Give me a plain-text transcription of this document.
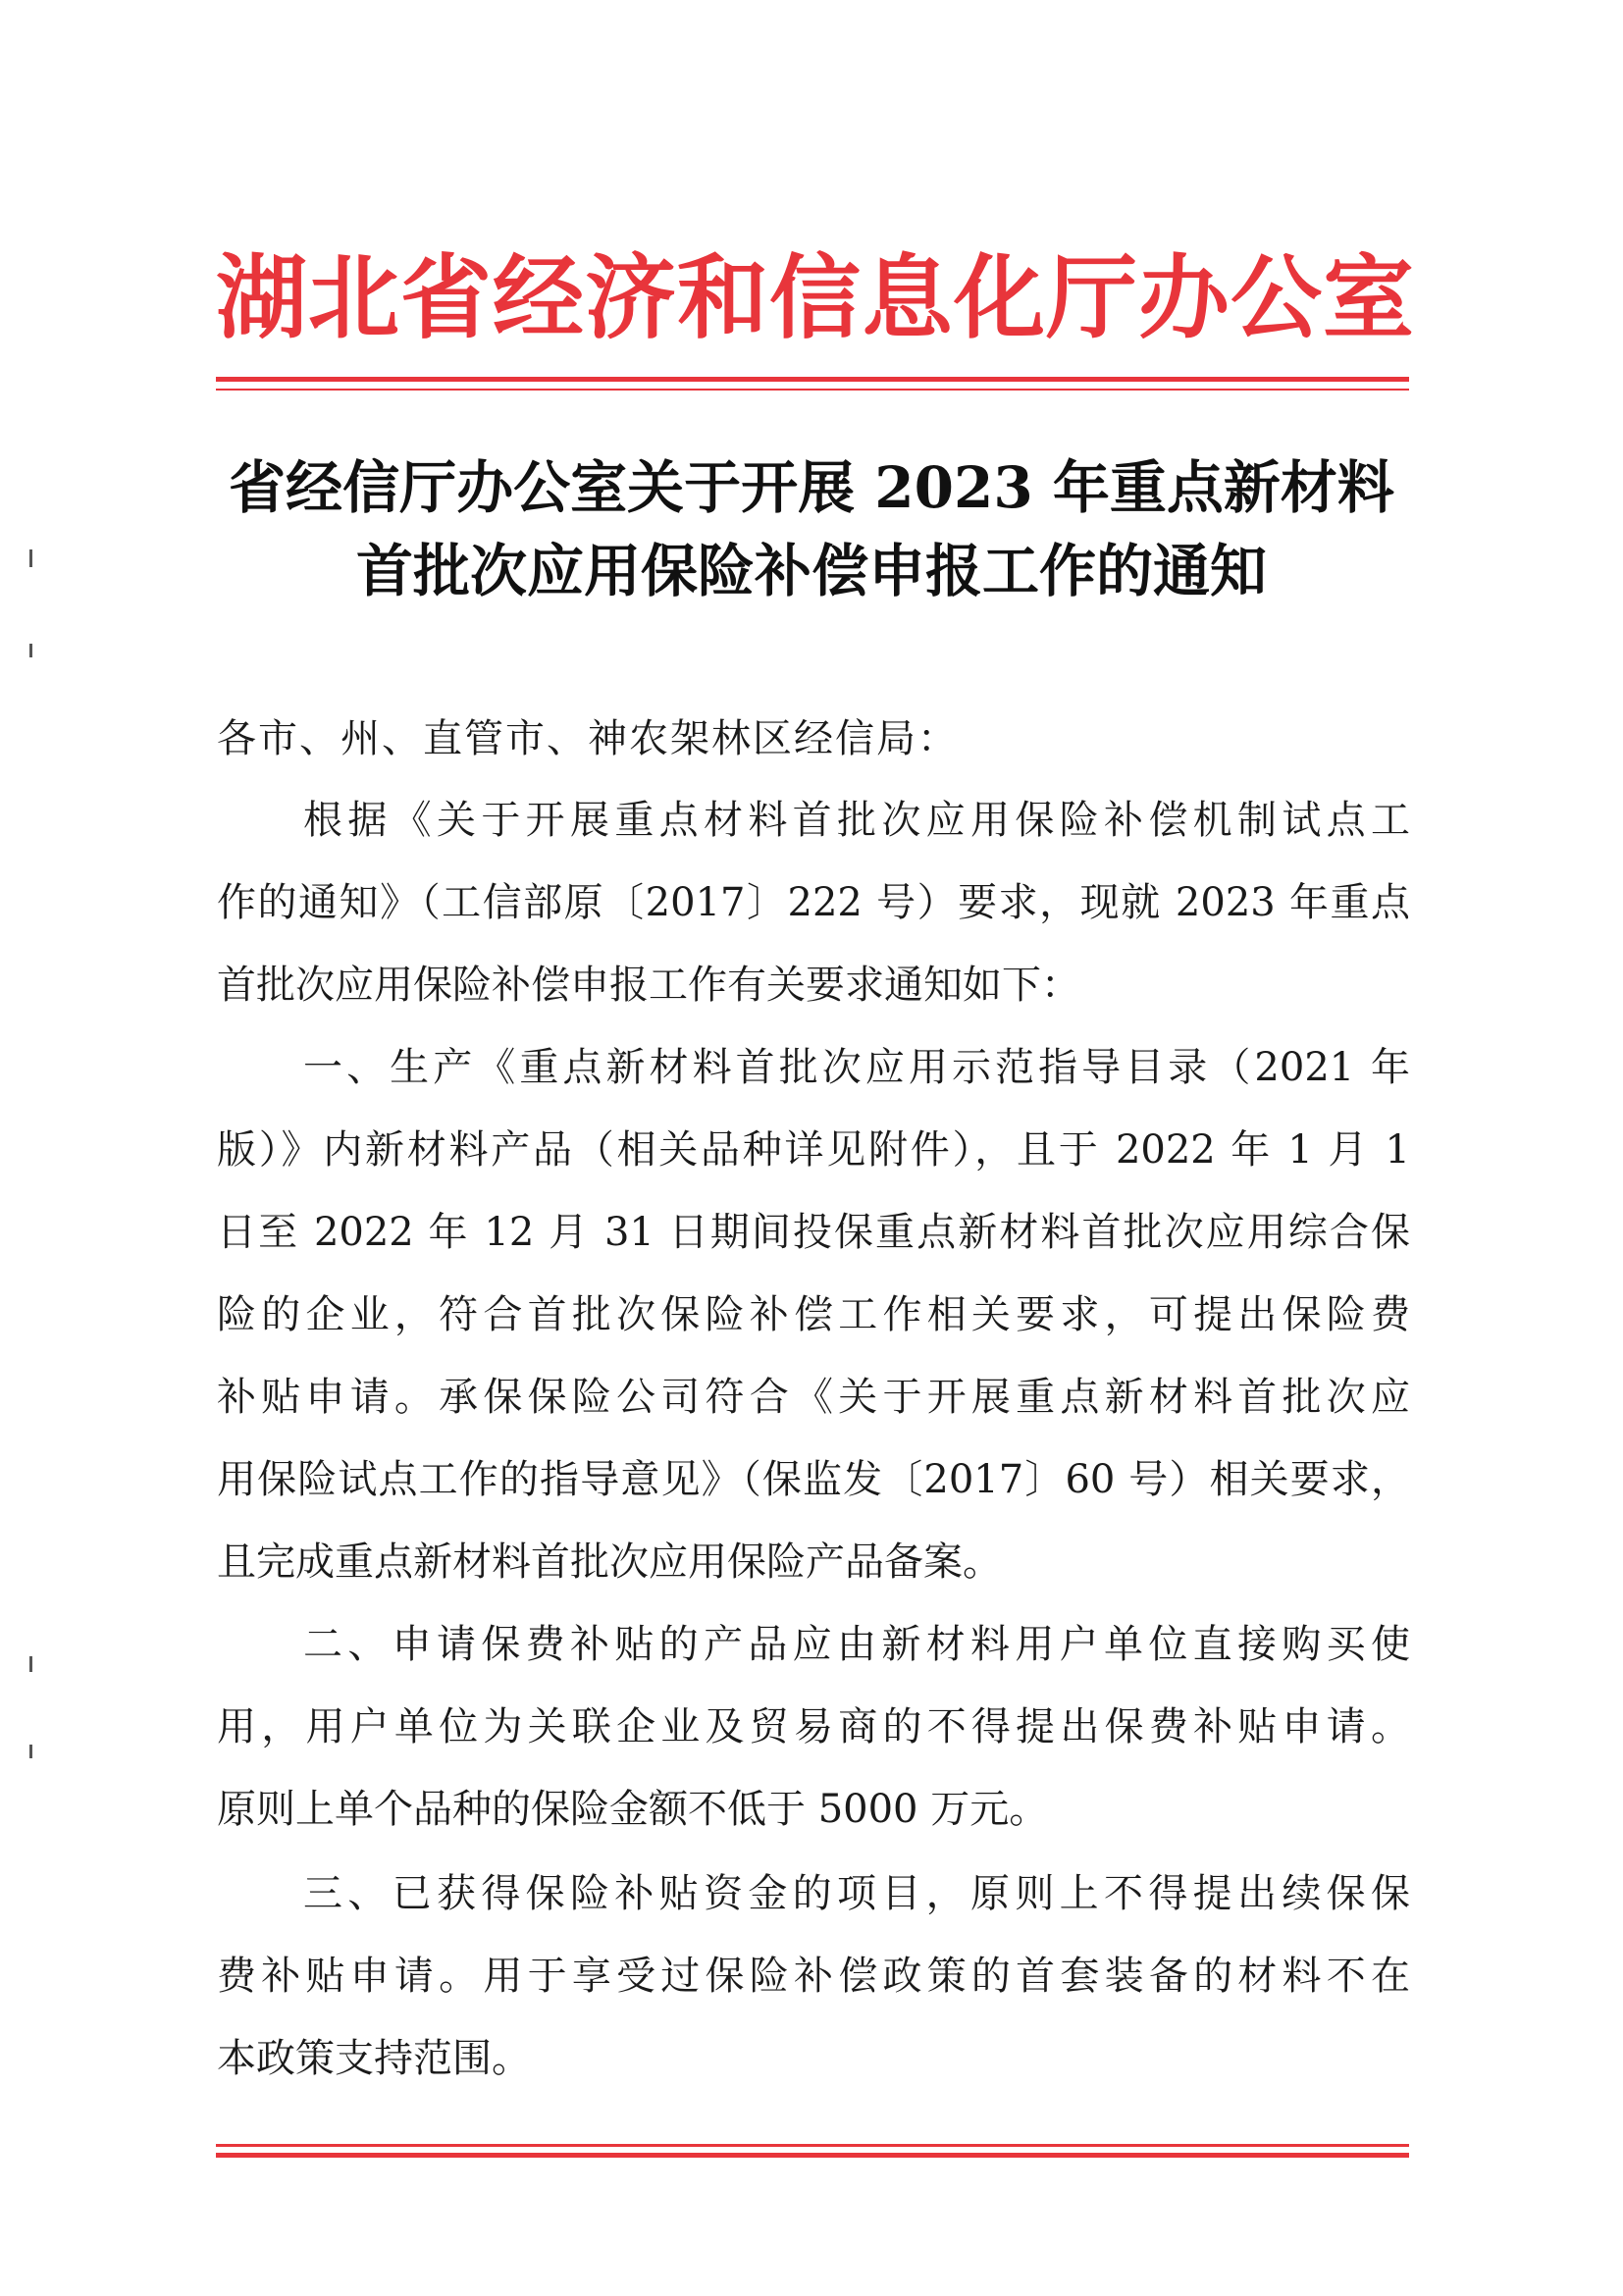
湖北省经济和信息化厅办公室
省经信厅办公室关于开展 2023 年重点新材料
首批次应用保险补偿申报工作的通知
各市、州、直管市、神农架林区经信局：
根据《关于开展重点材料首批次应用保险补偿机制试点工
作的通知》（工信部原〔2017〕222 号）要求，现就 2023 年重点
首批次应用保险补偿申报工作有关要求通知如下：
一、生产《重点新材料首批次应用示范指导目录（2021 年
版）》内新材料产品（相关品种详见附件），且于 2022 年 1 月 1
日至 2022 年 12 月 31 日期间投保重点新材料首批次应用综合保
险的企业，符合首批次保险补偿工作相关要求，可提出保险费
补贴申请。承保保险公司符合《关于开展重点新材料首批次应
用保险试点工作的指导意见》（保监发〔2017〕60 号）相关要求，
且完成重点新材料首批次应用保险产品备案。
二、申请保费补贴的产品应由新材料用户单位直接购买使
用，用户单位为关联企业及贸易商的不得提出保费补贴申请。
原则上单个品种的保险金额不低于 5000 万元。
三、已获得保险补贴资金的项目，原则上不得提出续保保
费补贴申请。用于享受过保险补偿政策的首套装备的材料不在
本政策支持范围。
